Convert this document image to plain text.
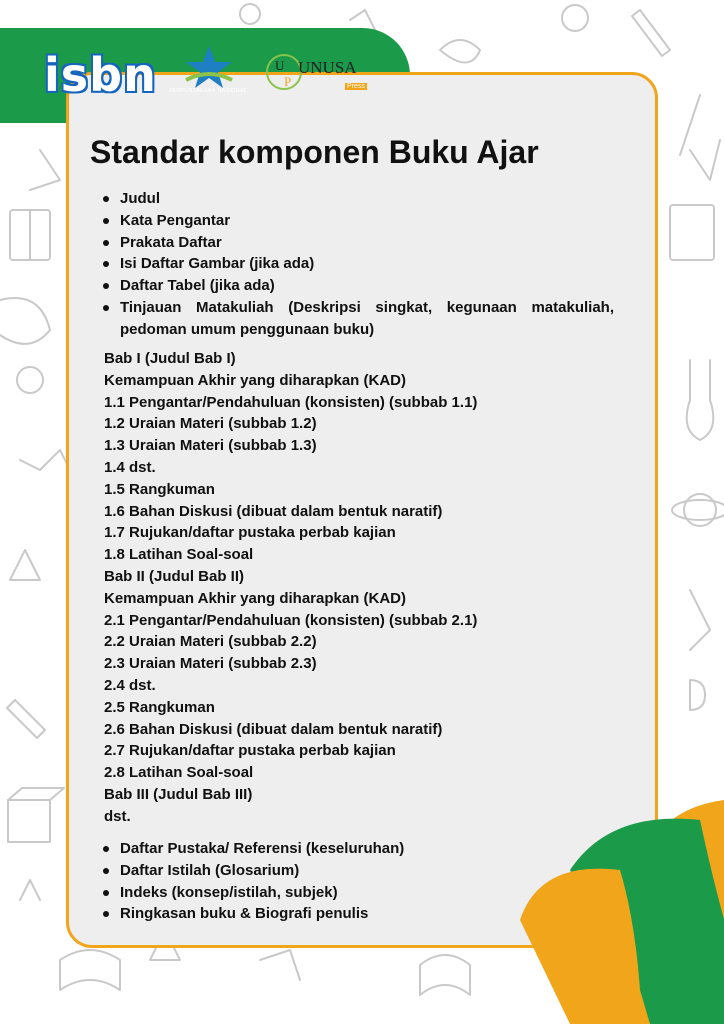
isbn	PERPUSTAKAAN NASIONAL
U
P
UNUSA
Press
Standar komponen Buku Ajar
Judul
Kata Pengantar
Prakata Daftar
Isi Daftar Gambar (jika ada)
Daftar Tabel (jika ada)
Tinjauan Matakuliah (Deskripsi singkat, kegunaan matakuliah, pedoman umum penggunaan buku)
Bab I (Judul Bab I)
Kemampuan Akhir yang diharapkan (KAD)
1.1 Pengantar/Pendahuluan (konsisten) (subbab 1.1)
1.2 Uraian Materi (subbab 1.2)
1.3 Uraian Materi (subbab 1.3)
1.4 dst.
1.5 Rangkuman
1.6 Bahan Diskusi (dibuat dalam bentuk naratif)
1.7 Rujukan/daftar pustaka perbab kajian
1.8 Latihan Soal-soal
Bab II (Judul Bab II)
Kemampuan Akhir yang diharapkan (KAD)
2.1 Pengantar/Pendahuluan (konsisten) (subbab 2.1)
2.2 Uraian Materi (subbab 2.2)
2.3 Uraian Materi (subbab 2.3)
2.4 dst.
2.5 Rangkuman
2.6 Bahan Diskusi (dibuat dalam bentuk naratif)
2.7 Rujukan/daftar pustaka perbab kajian
2.8 Latihan Soal-soal
Bab III (Judul Bab III)
dst.
Daftar Pustaka/ Referensi (keseluruhan)
Daftar Istilah (Glosarium)
Indeks (konsep/istilah, subjek)
Ringkasan buku & Biografi penulis
